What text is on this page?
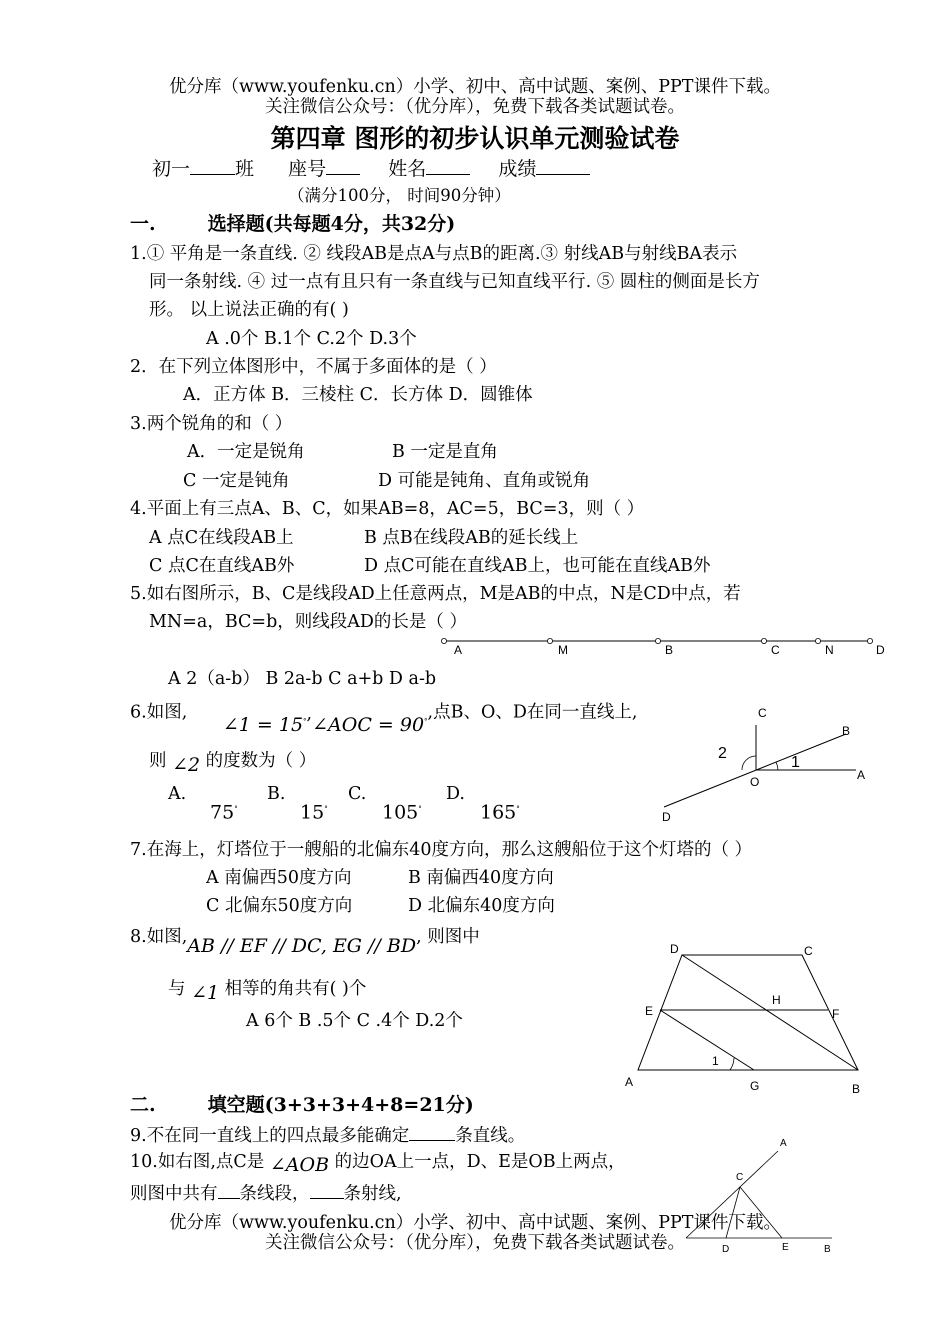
优分库（www.youfenku.cn）小学、初中、高中试题、案例、PPT课件下载。
关注微信公众号：（优分库），免费下载各类试题试卷。
第四章 图形的初步认识单元测验试卷
初一 班 座号	姓名	成绩
（满分100分， 时间90分钟）
一.	选择题(共每题4分，共32分)
1.① 平角是一条直线. ② 线段AB是点A与点B的距离.③ 射线AB与射线BA表示
同一条射线. ④ 过一点有且只有一条直线与已知直线平行. ⑤ 圆柱的侧面是长方
形。 以上说法正确的有( )
A .0个 B.1个 C.2个 D.3个
2．在下列立体图形中，不属于多面体的是（ ）
A．正方体 B．三棱柱 C．长方体 D．圆锥体
3.两个锐角的和（ ）
A．一定是锐角	B 一定是直角
C 一定是钝角	D 可能是钝角、直角或锐角
4.平面上有三点A、B、C，如果AB=8，AC=5，BC=3，则（ ）
A 点C在线段AB上	B 点B在线段AB的延长线上
C 点C在直线AB外	D 点C可能在直线AB上，也可能在直线AB外
5.如右图所示，B、C是线段AD上任意两点，M是AB的中点，N是CD中点，若
MN=a，BC=b，则线段AD的长是（ ）
A	M	B	C	N	D
A 2（a-b） B 2a-b C a+b D a-b
6.如图, ∠1 = 15°,∠AOC = 90°,点B、O、D在同一直线上,
则 ∠2 的度数为（ ）
A.	B.	C.	D.
75°	15°	105°	165°
C
B
A
O
D
1
2
7.在海上，灯塔位于一艘船的北偏东40度方向，那么这艘船位于这个灯塔的（ ）
A 南偏西50度方向	B 南偏西40度方向
C 北偏东50度方向	D 北偏东40度方向
8.如图,AB // EF // DC, EG // BD, 则图中
与 ∠1 相等的角共有( )个
A 6个 B .5个 C .4个 D.2个
D	C
E
H
F
A	G	B
1
二.	填空题(3+3+3+4+8=21分)
9.不在同一直线上的四点最多能确定	条直线。
10.如右图,点C是 ∠AOB 的边OA上一点，D、E是OB上两点，
则图中共有 条线段， 条射线,
A
C
D	E	B
优分库（www.youfenku.cn）小学、初中、高中试题、案例、PPT课件下载。
关注微信公众号：（优分库），免费下载各类试题试卷。
